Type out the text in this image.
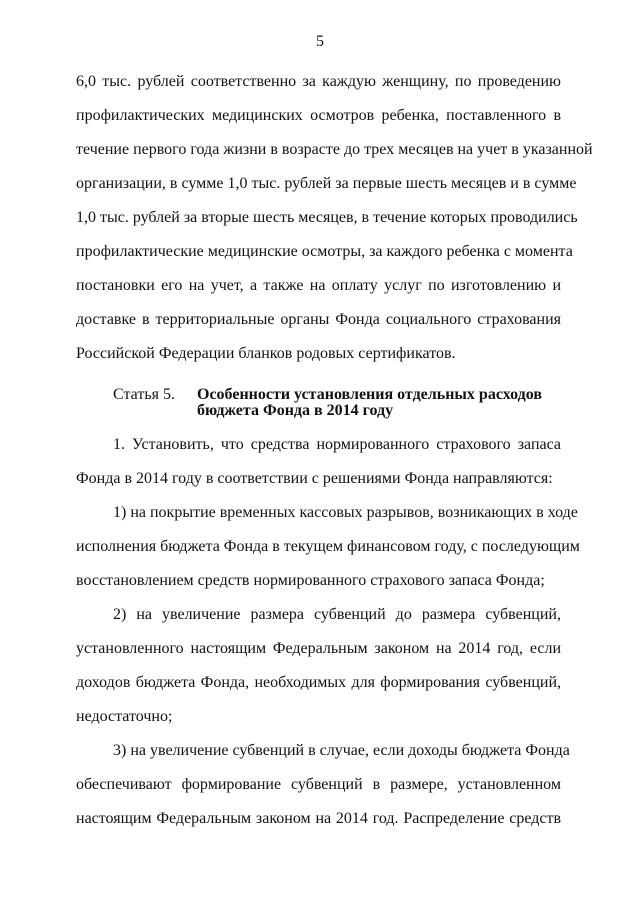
5
6,0 тыс. рублей соответственно за каждую женщину, по проведению
профилактических медицинских осмотров ребенка, поставленного в
течение первого года жизни в возрасте до трех месяцев на учет в указанной
организации, в сумме 1,0 тыс. рублей за первые шесть месяцев и в сумме
1,0 тыс. рублей за вторые шесть месяцев, в течение которых проводились
профилактические медицинские осмотры, за каждого ребенка с момента
постановки его на учет, а также на оплату услуг по изготовлению и
доставке в территориальные органы Фонда социального страхования
Российской Федерации бланков родовых сертификатов.
Статья 5. Особенности установления отдельных расходов
бюджета Фонда в 2014 году
1. Установить, что средства нормированного страхового запаса
Фонда в 2014 году в соответствии с решениями Фонда направляются:
1) на покрытие временных кассовых разрывов, возникающих в ходе
исполнения бюджета Фонда в текущем финансовом году, с последующим
восстановлением средств нормированного страхового запаса Фонда;
2) на увеличение размера субвенций до размера субвенций,
установленного настоящим Федеральным законом на 2014 год, если
доходов бюджета Фонда, необходимых для формирования субвенций,
недостаточно;
3) на увеличение субвенций в случае, если доходы бюджета Фонда
обеспечивают формирование субвенций в размере, установленном
настоящим Федеральным законом на 2014 год. Распределение средств
